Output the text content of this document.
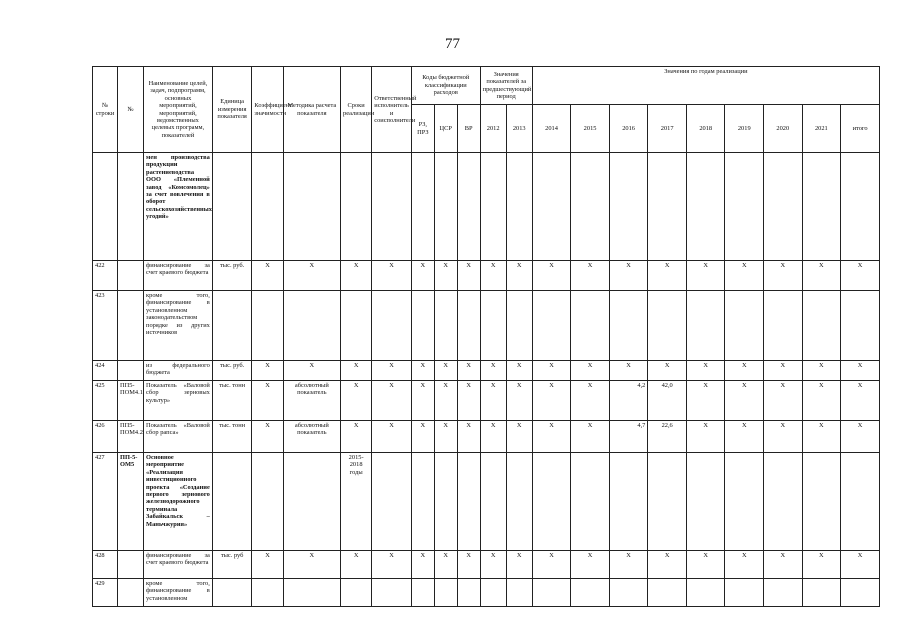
77
№ строки	№	Наименование целей, задач, подпрограмм, основных мероприятий, мероприятий, ведомственных целевых программ, показателей	Единица измерения показателя	Коэффициент значимости	Методика расчета показателя	Сроки реализации	Ответственный исполнитель и соисполнители	Коды бюджетной классификации расходов			Значения показателей за предшествующий период		Значения по годам реализации								
								РЗ, ПРЗ	ЦСР	ВР	2012	2013	2014	2015	2016	2017	2018	2019	2020	2021	итого
		мен производства продукции растениеводства ООО «Племенной завод «Комсомолец» за счет вовлечения в оборот сельскохозяйственных угодий»																			
422		финансирование за счет краевого бюджета	тыс. руб.	X	X	X	X	X	X	X	X	X	X	X	X	X	X	X	X	X	X
423		кроме того, финансирование в установленном законодательством порядке из других источников																			
424		из федерального бюджета	тыс. руб.	X	X	X	X	X	X	X	X	X	X	X	X	X	X	X	X	X	X
425	ПП5-ПОМ4.1	Показатель «Валовой сбор зерновых культур»	тыс. тонн	X	абсолютный показатель	X	X	X	X	X	X	X	X	X	4,2	42,0	X	X	X	X	X
426	ПП5-ПОМ4.2	Показатель «Валовой сбор рапса»	тыс. тонн	X	абсолютный показатель	X	X	X	X	X	X	X	X	X	4,7	22,6	X	X	X	X	X
427	ПП-5-ОМ5	Основное мероприятие «Реализация инвестиционного проекта «Создание первого зернового железнодорожного терминала Забайкальск – Маньчжурия»				2015-2018 годы															
428		финансирование за счет краевого бюджета	тыс. руб	X	X	X	X	X	X	X	X	X	X	X	X	X	X	X	X	X	X
429		кроме того, финансирование в установленном																			
